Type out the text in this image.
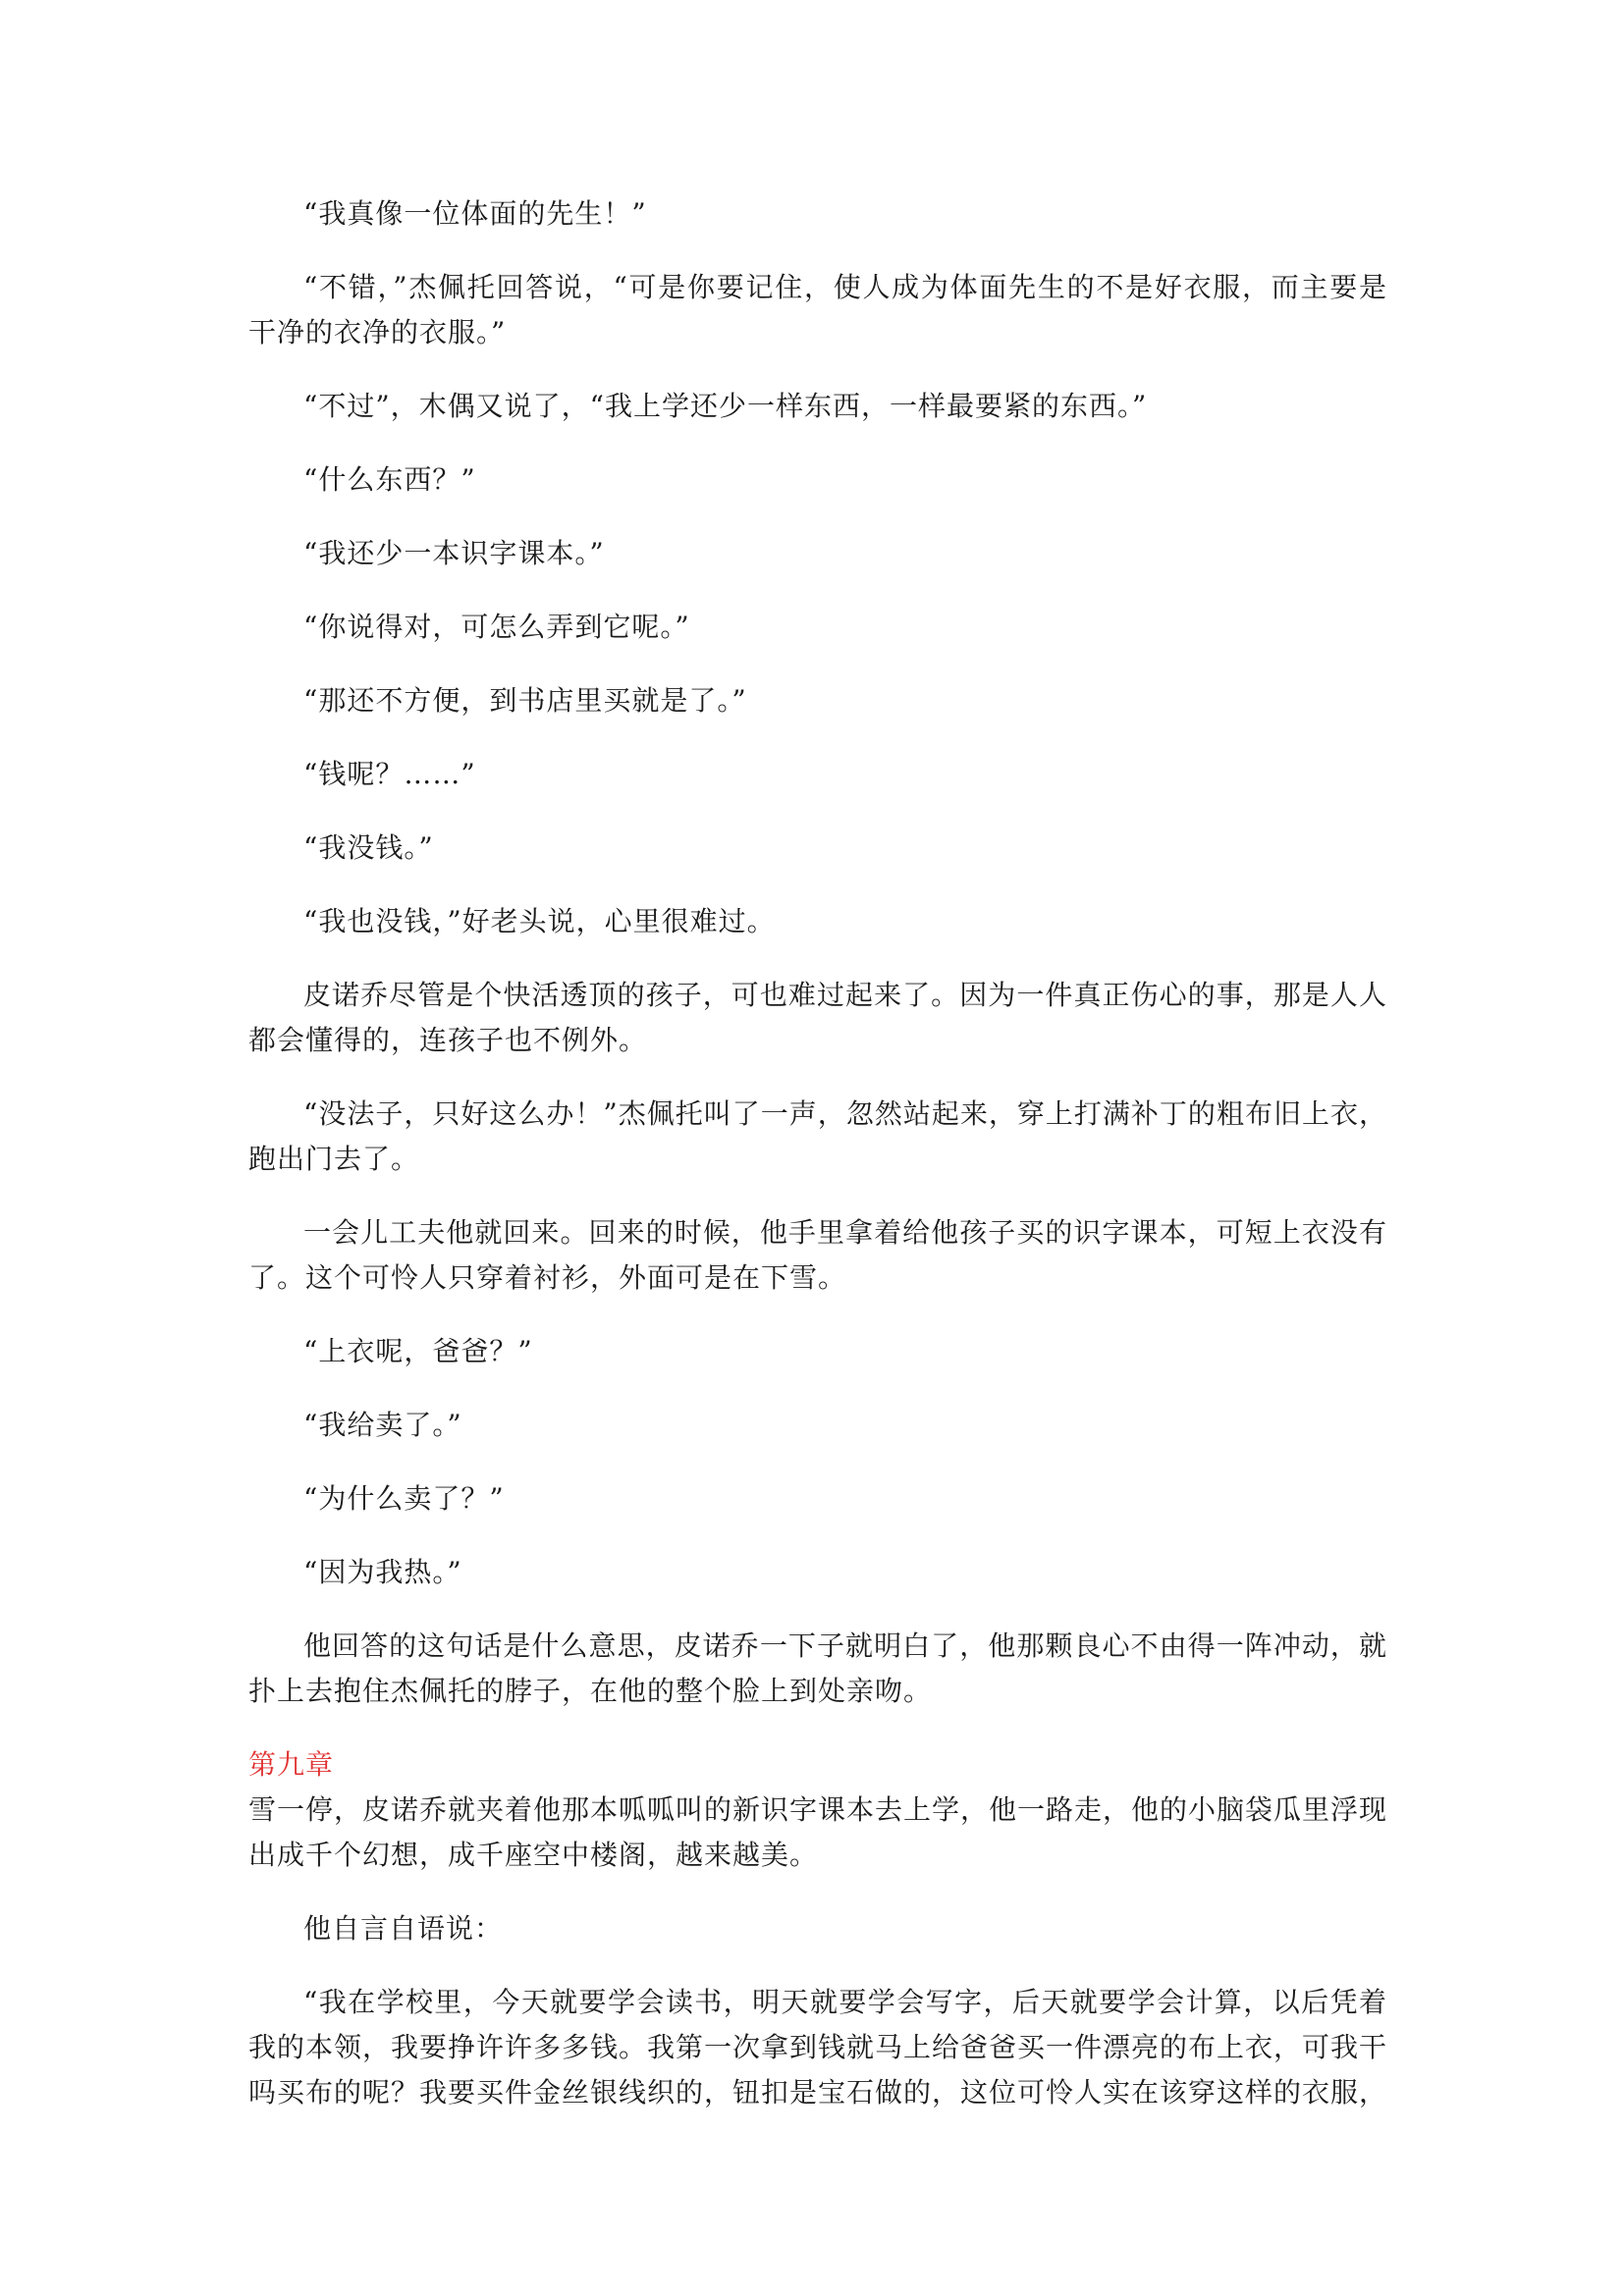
“我真像一位体面的先生！”

“不错，”杰佩托回答说，“可是你要记住，使人成为体面先生的不是好衣服，而主要是干净的衣净的衣服。”

“不过”，木偶又说了，“我上学还少一样东西，一样最要紧的东西。”

“什么东西？”

“我还少一本识字课本。”

“你说得对，可怎么弄到它呢。”

“那还不方便，到书店里买就是了。”

“钱呢？……”

“我没钱。”

“我也没钱，”好老头说，心里很难过。

皮诺乔尽管是个快活透顶的孩子，可也难过起来了。因为一件真正伤心的事，那是人人都会懂得的，连孩子也不例外。

“没法子，只好这么办！”杰佩托叫了一声，忽然站起来，穿上打满补丁的粗布旧上衣，跑出门去了。

一会儿工夫他就回来。回来的时候，他手里拿着给他孩子买的识字课本，可短上衣没有了。这个可怜人只穿着衬衫，外面可是在下雪。

“上衣呢，爸爸？”

“我给卖了。”

“为什么卖了？”

“因为我热。”

他回答的这句话是什么意思，皮诺乔一下子就明白了，他那颗良心不由得一阵冲动，就扑上去抱住杰佩托的脖子，在他的整个脸上到处亲吻。

第九章

雪一停，皮诺乔就夹着他那本呱呱叫的新识字课本去上学，他一路走，他的小脑袋瓜里浮现出成千个幻想，成千座空中楼阁，越来越美。

他自言自语说：

“我在学校里，今天就要学会读书，明天就要学会写字，后天就要学会计算，以后凭着我的本领，我要挣许许多多钱。我第一次拿到钱就马上给爸爸买一件漂亮的布上衣，可我干吗买布的呢？我要买件金丝银线织的，钮扣是宝石做的，这位可怜人实在该穿这样的衣服，
